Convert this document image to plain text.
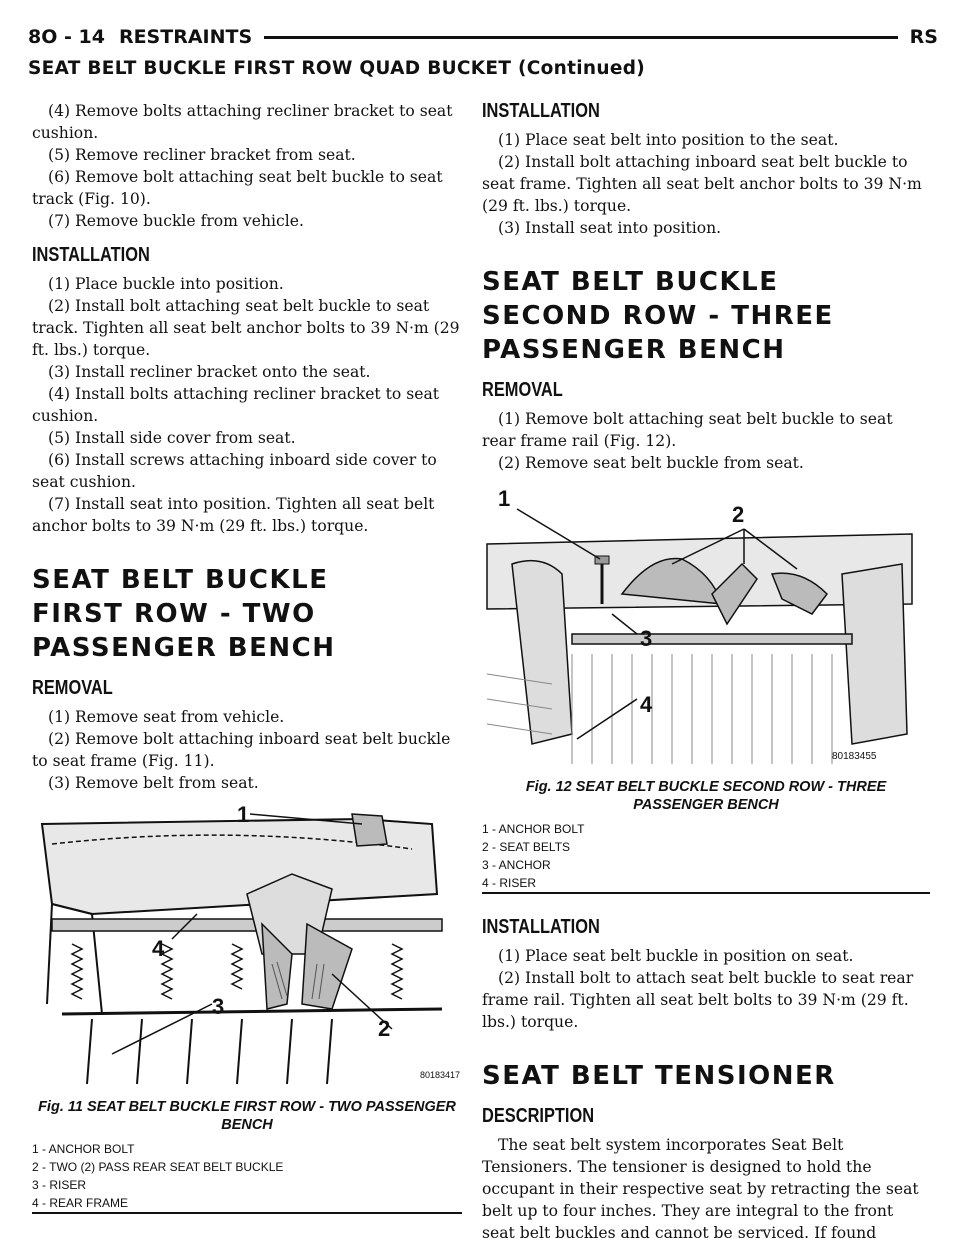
8O - 14 RESTRAINTS	RS
SEAT BELT BUCKLE FIRST ROW QUAD BUCKET (Continued)

(4) Remove bolts attaching recliner bracket to seat cushion.

(5) Remove recliner bracket from seat.

(6) Remove bolt attaching seat belt buckle to seat track (Fig. 10).

(7) Remove buckle from vehicle.

INSTALLATION

(1) Place buckle into position.

(2) Install bolt attaching seat belt buckle to seat track. Tighten all seat belt anchor bolts to 39 N·m (29 ft. lbs.) torque.

(3) Install recliner bracket onto the seat.

(4) Install bolts attaching recliner bracket to seat cushion.

(5) Install side cover from seat.

(6) Install screws attaching inboard side cover to seat cushion.

(7) Install seat into position. Tighten all seat belt anchor bolts to 39 N·m (29 ft. lbs.) torque.

SEAT BELT BUCKLE FIRST ROW - TWO PASSENGER BENCH
REMOVAL

(1) Remove seat from vehicle.

(2) Remove bolt attaching inboard seat belt buckle to seat frame (Fig. 11).

(3) Remove belt from seat.

1
2
3
4
80183417
Fig. 11 SEAT BELT BUCKLE FIRST ROW - TWO PASSENGER BENCH
1 - ANCHOR BOLT
2 - TWO (2) PASS REAR SEAT BELT BUCKLE
3 - RISER
4 - REAR FRAME
INSTALLATION

(1) Place seat belt into position to the seat.

(2) Install bolt attaching inboard seat belt buckle to seat frame. Tighten all seat belt anchor bolts to 39 N·m (29 ft. lbs.) torque.

(3) Install seat into position.

SEAT BELT BUCKLE SECOND ROW - THREE PASSENGER BENCH
REMOVAL

(1) Remove bolt attaching seat belt buckle to seat rear frame rail (Fig. 12).

(2) Remove seat belt buckle from seat.

1
2
3
4
80183455
Fig. 12 SEAT BELT BUCKLE SECOND ROW - THREE PASSENGER BENCH
1 - ANCHOR BOLT
2 - SEAT BELTS
3 - ANCHOR
4 - RISER
INSTALLATION

(1) Place seat belt buckle in position on seat.

(2) Install bolt to attach seat belt buckle to seat rear frame rail. Tighten all seat belt bolts to 39 N·m (29 ft. lbs.) torque.

SEAT BELT TENSIONER
DESCRIPTION

The seat belt system incorporates Seat Belt Tensioners. The tensioner is designed to hold the occupant in their respective seat by retracting the seat belt up to four inches. They are integral to the front seat belt buckles and cannot be serviced. If found
